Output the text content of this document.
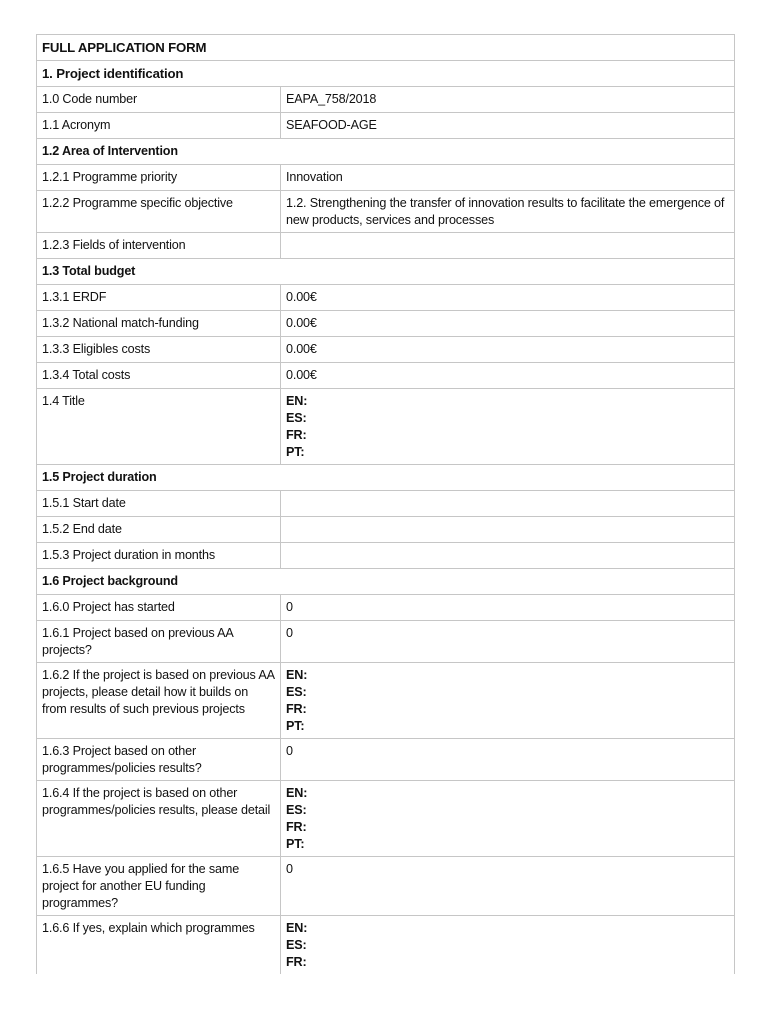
FULL APPLICATION FORM	
1. Project identification	
1.0 Code number	EAPA_758/2018
1.1 Acronym	SEAFOOD-AGE
1.2 Area of Intervention	
1.2.1 Programme priority	Innovation
1.2.2 Programme specific objective	1.2. Strengthening the transfer of innovation results to facilitate the emergence of new products, services and processes
1.2.3 Fields of intervention	
1.3 Total budget	
1.3.1 ERDF	0.00€
1.3.2 National match-funding	0.00€
1.3.3 Eligibles costs	0.00€
1.3.4 Total costs	0.00€
1.4 Title	EN:
ES:
FR:
PT:

1.5 Project duration	
1.5.1 Start date	
1.5.2 End date	
1.5.3 Project duration in months	
1.6 Project background	
1.6.0 Project has started	0
1.6.1 Project based on previous AA projects?	0
1.6.2 If the project is based on previous AA projects, please detail how it builds on from results of such previous projects	EN:
ES:
FR:
PT:

1.6.3 Project based on other programmes/policies results?	0
1.6.4 If the project is based on other programmes/policies results, please detail	EN:
ES:
FR:
PT:

1.6.5 Have you applied for the same project for another EU funding programmes?	0
1.6.6 If yes, explain which programmes	EN:
ES:
FR:
